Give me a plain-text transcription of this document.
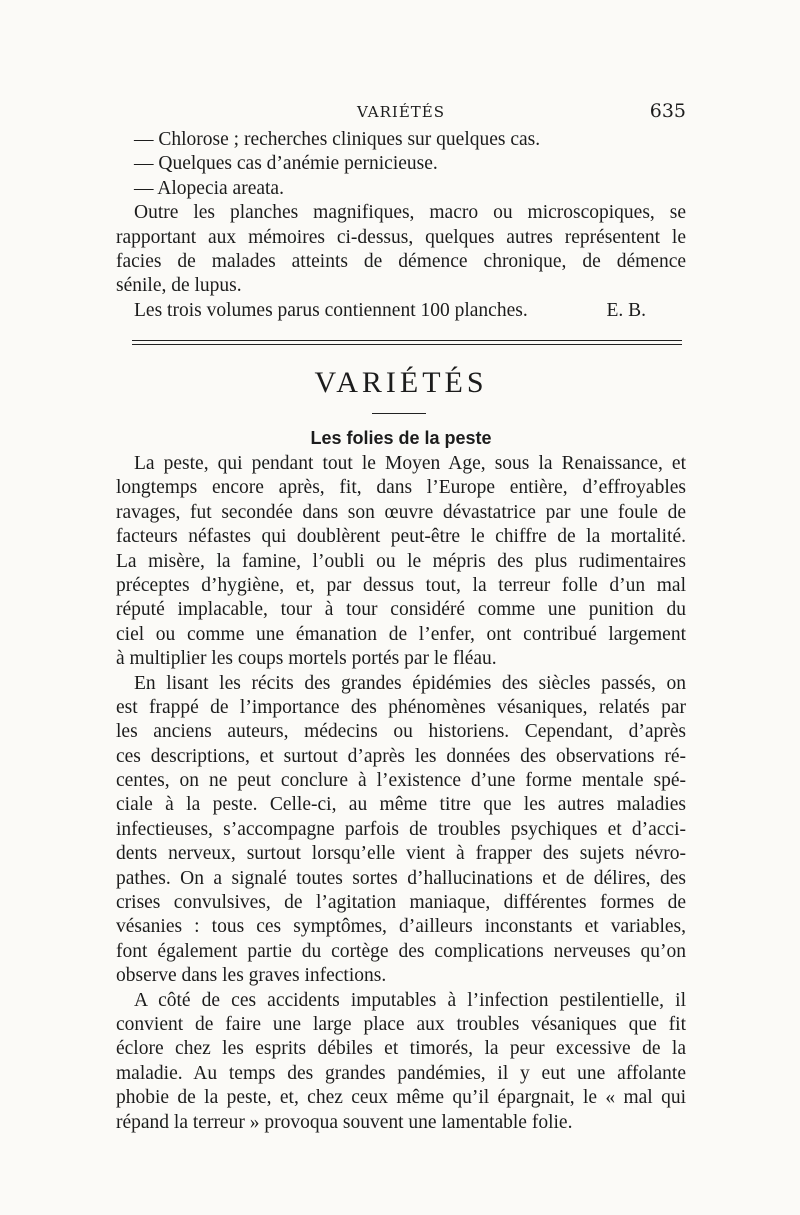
VARIÉTÉS	635
— Chlorose ; recherches cliniques sur quelques cas.
— Quelques cas d’anémie pernicieuse.
— Alopecia areata.
Outre les planches magnifiques, macro ou microscopiques, se
rapportant aux mémoires ci-dessus, quelques autres représentent le
facies de malades atteints de démence chronique, de démence
sénile, de lupus.
Les trois volumes parus contiennent 100 planches.	E. B.
VARIÉTÉS
Les folies de la peste
La peste, qui pendant tout le Moyen Age, sous la Renaissance, et
longtemps encore après, fit, dans l’Europe entière, d’effroyables
ravages, fut secondée dans son œuvre dévastatrice par une foule de
facteurs néfastes qui doublèrent peut-être le chiffre de la mortalité.
La misère, la famine, l’oubli ou le mépris des plus rudimentaires
préceptes d’hygiène, et, par dessus tout, la terreur folle d’un mal
réputé implacable, tour à tour considéré comme une punition du
ciel ou comme une émanation de l’enfer, ont contribué largement
à multiplier les coups mortels portés par le fléau.
En lisant les récits des grandes épidémies des siècles passés, on
est frappé de l’importance des phénomènes vésaniques, relatés par
les anciens auteurs, médecins ou historiens. Cependant, d’après
ces descriptions, et surtout d’après les données des observations ré-
centes, on ne peut conclure à l’existence d’une forme mentale spé-
ciale à la peste. Celle-ci, au même titre que les autres maladies
infectieuses, s’accompagne parfois de troubles psychiques et d’acci-
dents nerveux, surtout lorsqu’elle vient à frapper des sujets névro-
pathes. On a signalé toutes sortes d’hallucinations et de délires, des
crises convulsives, de l’agitation maniaque, différentes formes de
vésanies : tous ces symptômes, d’ailleurs inconstants et variables,
font également partie du cortège des complications nerveuses qu’on
observe dans les graves infections.
A côté de ces accidents imputables à l’infection pestilentielle, il
convient de faire une large place aux troubles vésaniques que fit
éclore chez les esprits débiles et timorés, la peur excessive de la
maladie. Au temps des grandes pandémies, il y eut une affolante
phobie de la peste, et, chez ceux même qu’il épargnait, le « mal qui
répand la terreur » provoqua souvent une lamentable folie.
